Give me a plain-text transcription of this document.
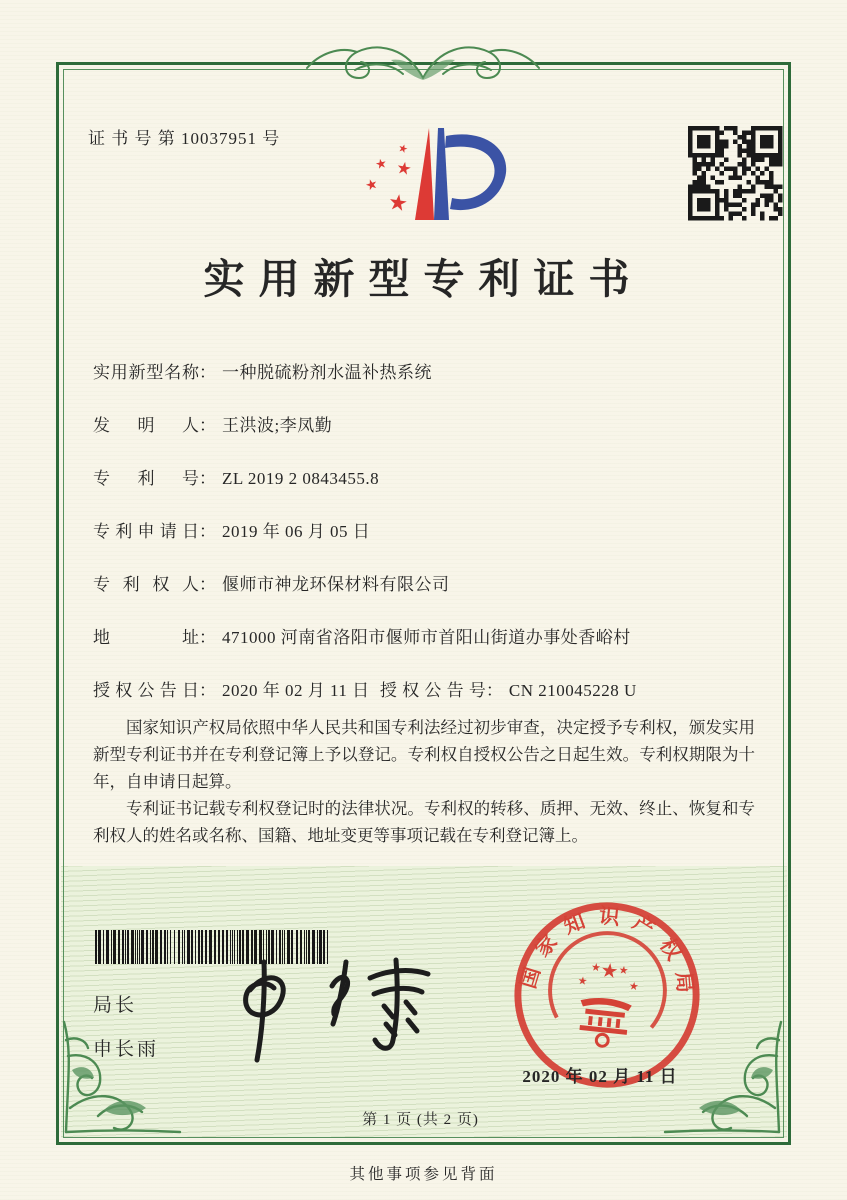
证 书 号 第 10037951 号
★
★ ★
★
★
实用新型专利证书
实用新型名称： 一种脱硫粉剂水温补热系统
发明人： 王洪波;李凤勤
专利号： ZL 2019 2 0843455.8
专利申请日： 2019 年 06 月 05 日
专利权人： 偃师市神龙环保材料有限公司
地址： 471000 河南省洛阳市偃师市首阳山街道办事处香峪村
授权公告日： 2020 年 02 月 11 日 授权公告号： CN 210045228 U

国家知识产权局依照中华人民共和国专利法经过初步审查，决定授予专利权，颁发实用新型专利证书并在专利登记簿上予以登记。专利权自授权公告之日起生效。专利权期限为十年，自申请日起算。

专利证书记载专利权登记时的法律状况。专利权的转移、质押、无效、终止、恢复和专利权人的姓名或名称、国籍、地址变更等事项记载在专利登记簿上。

局长
申长雨
国家知识产权局
★
★
★ ★
★
2020 年 02 月 11 日
第 1 页 (共 2 页)
其他事项参见背面
